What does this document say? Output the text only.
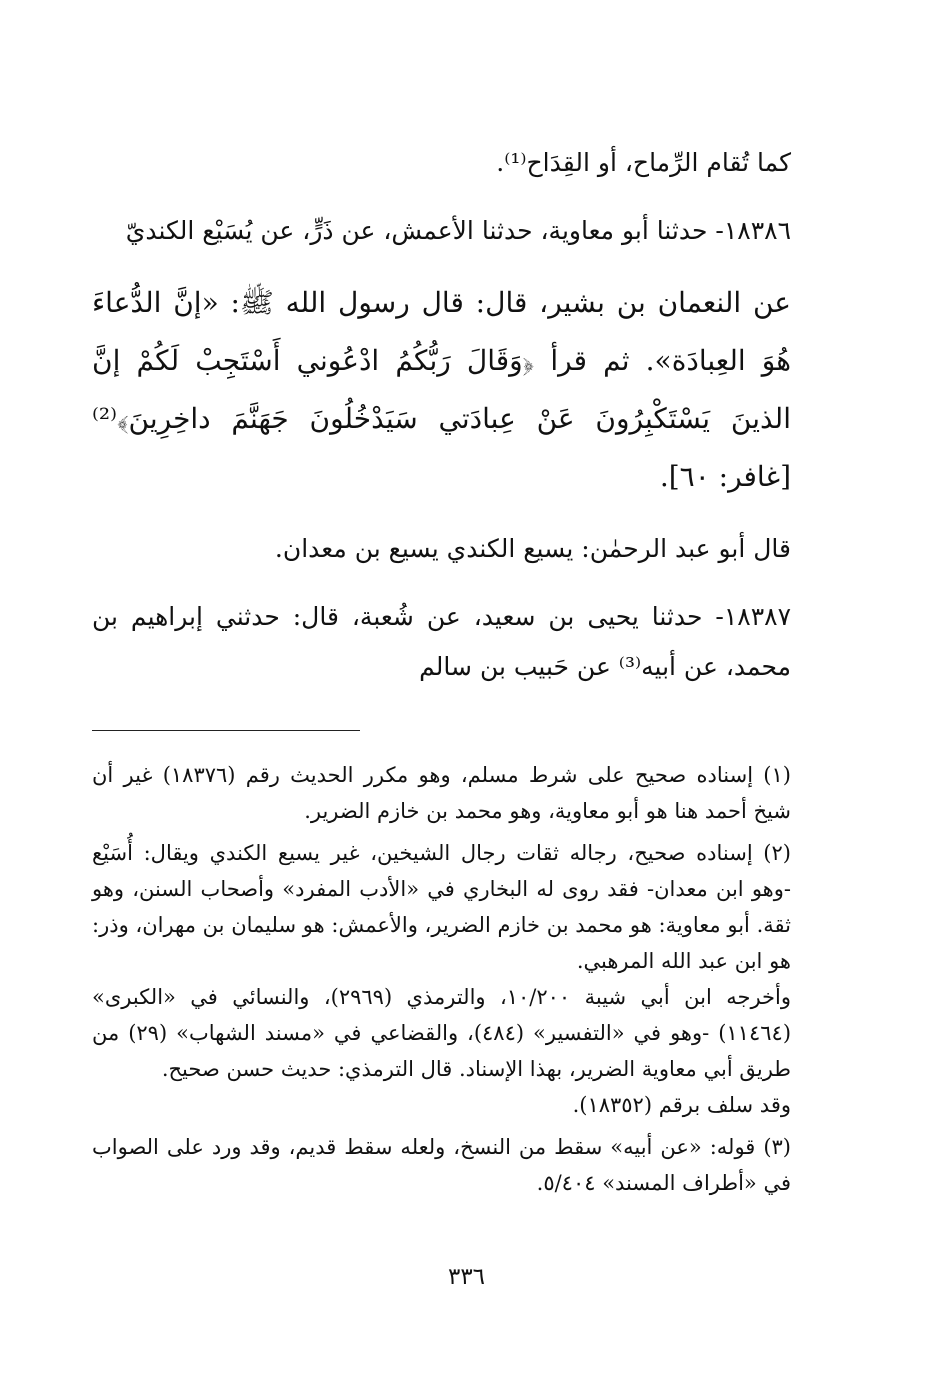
كما تُقام الرِّماح، أو القِدَاح⁽¹⁾.

١٨٣٨٦- حدثنا أبو معاوية، حدثنا الأعمش، عن ذَرٍّ، عن يُسَيْع الكنديّ

عن النعمان بن بشير، قال: قال رسول الله ﷺ: «إنَّ الدُّعاءَ هُوَ العِبادَة». ثم قرأ ﴿وَقَالَ رَبُّكُمُ ادْعُوني أَسْتَجِبْ لَكُمْ إنَّ الذينَ يَسْتَكْبِرُونَ عَنْ عِبادَتي سَيَدْخُلُونَ جَهَنَّمَ داخِرِينَ﴾⁽²⁾ [غافر: ٦٠].

قال أبو عبد الرحمٰن: يسيع الكندي يسيع بن معدان.

١٨٣٨٧- حدثنا يحيى بن سعيد، عن شُعبة، قال: حدثني إبراهيم بن محمد، عن أبيه⁽³⁾ عن حَبيب بن سالم

(١) إسناده صحيح على شرط مسلم، وهو مكرر الحديث رقم (١٨٣٧٦) غير أن شيخ أحمد هنا هو أبو معاوية، وهو محمد بن خازم الضرير.

(٢) إسناده صحيح، رجاله ثقات رجال الشيخين، غير يسيع الكندي ويقال: أُسَيْع -وهو ابن معدان- فقد روى له البخاري في «الأدب المفرد» وأصحاب السنن، وهو ثقة. أبو معاوية: هو محمد بن خازم الضرير، والأعمش: هو سليمان بن مهران، وذر: هو ابن عبد الله المرهبي.

وأخرجه ابن أبي شيبة ١٠/٢٠٠، والترمذي (٢٩٦٩)، والنسائي في «الكبرى» (١١٤٦٤) -وهو في «التفسير» (٤٨٤)، والقضاعي في «مسند الشهاب» (٢٩) من طريق أبي معاوية الضرير، بهذا الإسناد. قال الترمذي: حديث حسن صحيح.

وقد سلف برقم (١٨٣٥٢).

(٣) قوله: «عن أبيه» سقط من النسخ، ولعله سقط قديم، وقد ورد على الصواب في «أطراف المسند» ٥/٤٠٤.

٣٣٦
